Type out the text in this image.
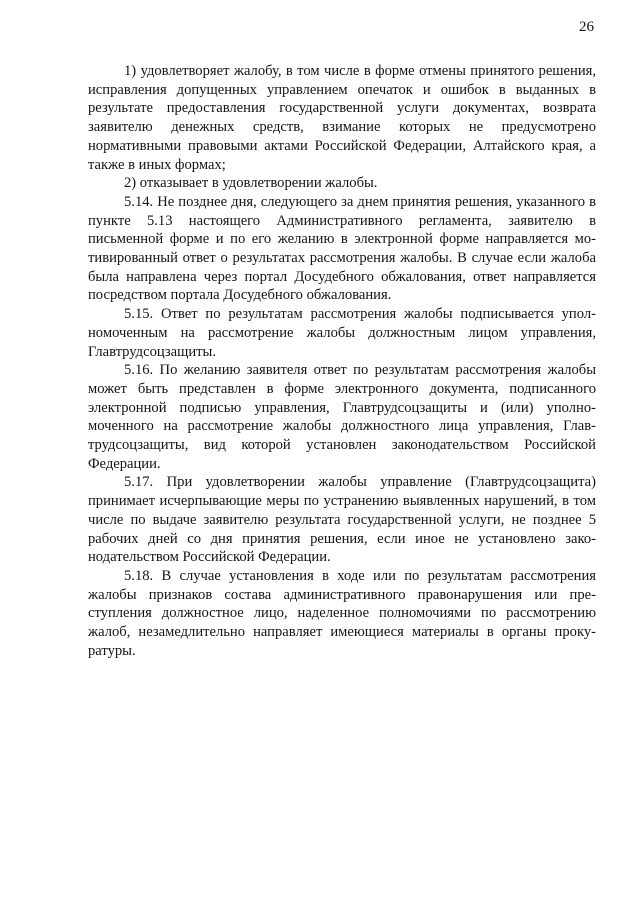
26

1) удовлетворяет жалобу, в том числе в форме отмены принятого решения, исправления допущенных управлением опечаток и ошибок в выданных в результате предоставления государственной услуги документах, возврата заявителю денежных средств, взимание которых не предусмотрено нормативными правовыми актами Российской Федерации, Алтайского края, а также в иных формах;

2) отказывает в удовлетворении жалобы.

5.14. Не позднее дня, следующего за днем принятия решения, указанного в пункте 5.13 настоящего Административного регламента, заявителю в письменной форме и по его желанию в электронной форме направляется мотивированный ответ о результатах рассмотрения жалобы. В случае если жалоба была направлена через портал Досудебного обжалования, ответ направляется посредством портала Досудебного обжалования.

5.15. Ответ по результатам рассмотрения жалобы подписывается уполномоченным на рассмотрение жалобы должностным лицом управления, Главтрудсоцзащиты.

5.16. По желанию заявителя ответ по результатам рассмотрения жалобы может быть представлен в форме электронного документа, подписанного электронной подписью управления, Главтрудсоцзащиты и (или) уполномоченного на рассмотрение жалобы должностного лица управления, Главтрудсоцзащиты, вид которой установлен законодательством Российской Федерации.

5.17. При удовлетворении жалобы управление (Главтрудсоцзащита) принимает исчерпывающие меры по устранению выявленных нарушений, в том числе по выдаче заявителю результата государственной услуги, не позднее 5 рабочих дней со дня принятия решения, если иное не установлено законодательством Российской Федерации.

5.18. В случае установления в ходе или по результатам рассмотрения жалобы признаков состава административного правонарушения или преступления должностное лицо, наделенное полномочиями по рассмотрению жалоб, незамедлительно направляет имеющиеся материалы в органы прокуратуры.
